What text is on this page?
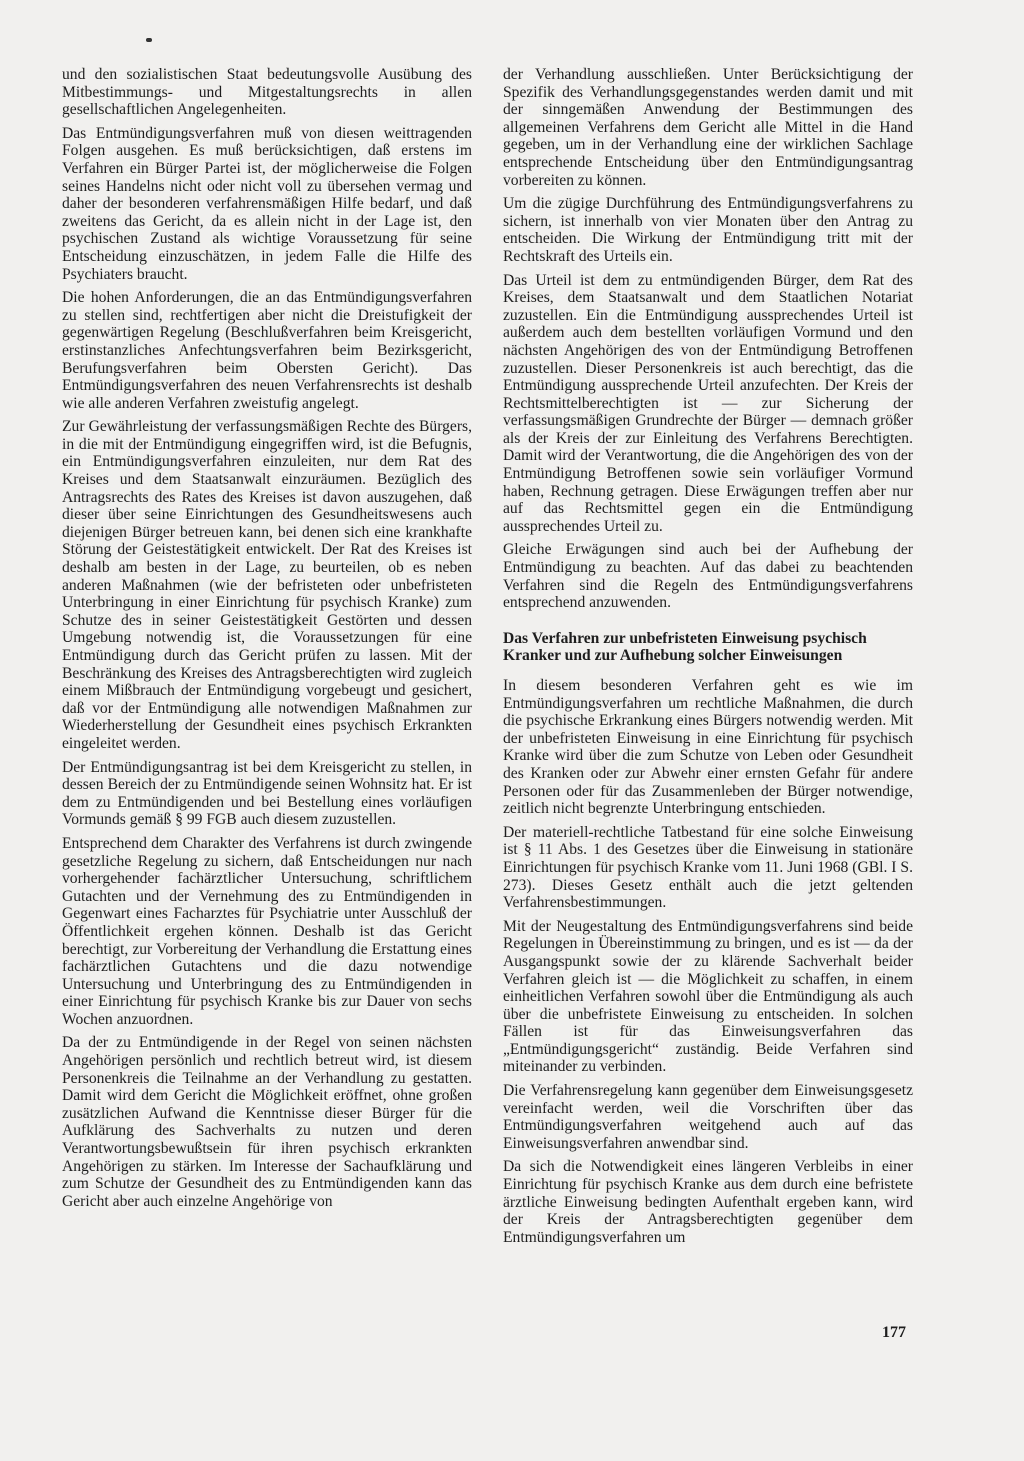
und den sozialistischen Staat bedeutungsvolle Ausübung des Mitbestimmungs- und Mitgestaltungsrechts in allen gesellschaftlichen Angelegenheiten.

Das Entmündigungsverfahren muß von diesen weittragenden Folgen ausgehen. Es muß berücksichtigen, daß erstens im Verfahren ein Bürger Partei ist, der möglicherweise die Folgen seines Handelns nicht oder nicht voll zu übersehen vermag und daher der besonderen verfahrensmäßigen Hilfe bedarf, und daß zweitens das Gericht, da es allein nicht in der Lage ist, den psychischen Zustand als wichtige Voraussetzung für seine Entscheidung einzuschätzen, in jedem Falle die Hilfe des Psychiaters braucht.

Die hohen Anforderungen, die an das Entmündigungsverfahren zu stellen sind, rechtfertigen aber nicht die Dreistufigkeit der gegenwärtigen Regelung (Beschlußverfahren beim Kreisgericht, erstinstanzliches Anfechtungsverfahren beim Bezirksgericht, Berufungsverfahren beim Obersten Gericht). Das Entmündigungsverfahren des neuen Verfahrensrechts ist deshalb wie alle anderen Verfahren zweistufig angelegt.

Zur Gewährleistung der verfassungsmäßigen Rechte des Bürgers, in die mit der Entmündigung eingegriffen wird, ist die Befugnis, ein Entmündigungsverfahren einzuleiten, nur dem Rat des Kreises und dem Staatsanwalt einzuräumen. Bezüglich des Antragsrechts des Rates des Kreises ist davon auszugehen, daß dieser über seine Einrichtungen des Gesundheitswesens auch diejenigen Bürger betreuen kann, bei denen sich eine krankhafte Störung der Geistestätigkeit entwickelt. Der Rat des Kreises ist deshalb am besten in der Lage, zu beurteilen, ob es neben anderen Maßnahmen (wie der befristeten oder unbefristeten Unterbringung in einer Einrichtung für psychisch Kranke) zum Schutze des in seiner Geistestätigkeit Gestörten und dessen Umgebung notwendig ist, die Voraussetzungen für eine Entmündigung durch das Gericht prüfen zu lassen. Mit der Beschränkung des Kreises des Antragsberechtigten wird zugleich einem Mißbrauch der Entmündigung vorgebeugt und gesichert, daß vor der Entmündigung alle notwendigen Maßnahmen zur Wiederherstellung der Gesundheit eines psychisch Erkrankten eingeleitet werden.

Der Entmündigungsantrag ist bei dem Kreisgericht zu stellen, in dessen Bereich der zu Entmündigende seinen Wohnsitz hat. Er ist dem zu Entmündigenden und bei Bestellung eines vorläufigen Vormunds gemäß § 99 FGB auch diesem zuzustellen.

Entsprechend dem Charakter des Verfahrens ist durch zwingende gesetzliche Regelung zu sichern, daß Entscheidungen nur nach vorhergehender fachärztlicher Untersuchung, schriftlichem Gutachten und der Vernehmung des zu Entmündigenden in Gegenwart eines Facharztes für Psychiatrie unter Ausschluß der Öffentlichkeit ergehen können. Deshalb ist das Gericht berechtigt, zur Vorbereitung der Verhandlung die Erstattung eines fachärztlichen Gutachtens und die dazu notwendige Untersuchung und Unterbringung des zu Entmündigenden in einer Einrichtung für psychisch Kranke bis zur Dauer von sechs Wochen anzuordnen.

Da der zu Entmündigende in der Regel von seinen nächsten Angehörigen persönlich und rechtlich betreut wird, ist diesem Personenkreis die Teilnahme an der Verhandlung zu gestatten. Damit wird dem Gericht die Möglichkeit eröffnet, ohne großen zusätzlichen Aufwand die Kenntnisse dieser Bürger für die Aufklärung des Sachverhalts zu nutzen und deren Verantwortungsbewußtsein für ihren psychisch erkrankten Angehörigen zu stärken. Im Interesse der Sachaufklärung und zum Schutze der Gesundheit des zu Entmündigenden kann das Gericht aber auch einzelne Angehörige von

der Verhandlung ausschließen. Unter Berücksichtigung der Spezifik des Verhandlungsgegenstandes werden damit und mit der sinngemäßen Anwendung der Bestimmungen des allgemeinen Verfahrens dem Gericht alle Mittel in die Hand gegeben, um in der Verhandlung eine der wirklichen Sachlage entsprechende Entscheidung über den Entmündigungsantrag vorbereiten zu können.

Um die zügige Durchführung des Entmündigungsverfahrens zu sichern, ist innerhalb von vier Monaten über den Antrag zu entscheiden. Die Wirkung der Entmündigung tritt mit der Rechtskraft des Urteils ein.

Das Urteil ist dem zu entmündigenden Bürger, dem Rat des Kreises, dem Staatsanwalt und dem Staatlichen Notariat zuzustellen. Ein die Entmündigung aussprechendes Urteil ist außerdem auch dem bestellten vorläufigen Vormund und den nächsten Angehörigen des von der Entmündigung Betroffenen zuzustellen. Dieser Personenkreis ist auch berechtigt, das die Entmündigung aussprechende Urteil anzufechten. Der Kreis der Rechtsmittelberechtigten ist — zur Sicherung der verfassungsmäßigen Grundrechte der Bürger — demnach größer als der Kreis der zur Einleitung des Verfahrens Berechtigten. Damit wird der Verantwortung, die die Angehörigen des von der Entmündigung Betroffenen sowie sein vorläufiger Vormund haben, Rechnung getragen. Diese Erwägungen treffen aber nur auf das Rechtsmittel gegen ein die Entmündigung aussprechendes Urteil zu.

Gleiche Erwägungen sind auch bei der Aufhebung der Entmündigung zu beachten. Auf das dabei zu beachtenden Verfahren sind die Regeln des Entmündigungsverfahrens entsprechend anzuwenden.

Das Verfahren zur unbefristeten Einweisung psychisch Kranker und zur Aufhebung solcher Einweisungen

In diesem besonderen Verfahren geht es wie im Entmündigungsverfahren um rechtliche Maßnahmen, die durch die psychische Erkrankung eines Bürgers notwendig werden. Mit der unbefristeten Einweisung in eine Einrichtung für psychisch Kranke wird über die zum Schutze von Leben oder Gesundheit des Kranken oder zur Abwehr einer ernsten Gefahr für andere Personen oder für das Zusammenleben der Bürger notwendige, zeitlich nicht begrenzte Unterbringung entschieden.

Der materiell-rechtliche Tatbestand für eine solche Einweisung ist § 11 Abs. 1 des Gesetzes über die Einweisung in stationäre Einrichtungen für psychisch Kranke vom 11. Juni 1968 (GBl. I S. 273). Dieses Gesetz enthält auch die jetzt geltenden Verfahrensbestimmungen.

Mit der Neugestaltung des Entmündigungsverfahrens sind beide Regelungen in Übereinstimmung zu bringen, und es ist — da der Ausgangspunkt sowie der zu klärende Sachverhalt beider Verfahren gleich ist — die Möglichkeit zu schaffen, in einem einheitlichen Verfahren sowohl über die Entmündigung als auch über die unbefristete Einweisung zu entscheiden. In solchen Fällen ist für das Einweisungsverfahren das „Entmündigungsgericht“ zuständig. Beide Verfahren sind miteinander zu verbinden.

Die Verfahrensregelung kann gegenüber dem Einweisungsgesetz vereinfacht werden, weil die Vorschriften über das Entmündigungsverfahren weitgehend auch auf das Einweisungsverfahren anwendbar sind.

Da sich die Notwendigkeit eines längeren Verbleibs in einer Einrichtung für psychisch Kranke aus dem durch eine befristete ärztliche Einweisung bedingten Aufenthalt ergeben kann, wird der Kreis der Antragsberechtigten gegenüber dem Entmündigungsverfahren um

177
